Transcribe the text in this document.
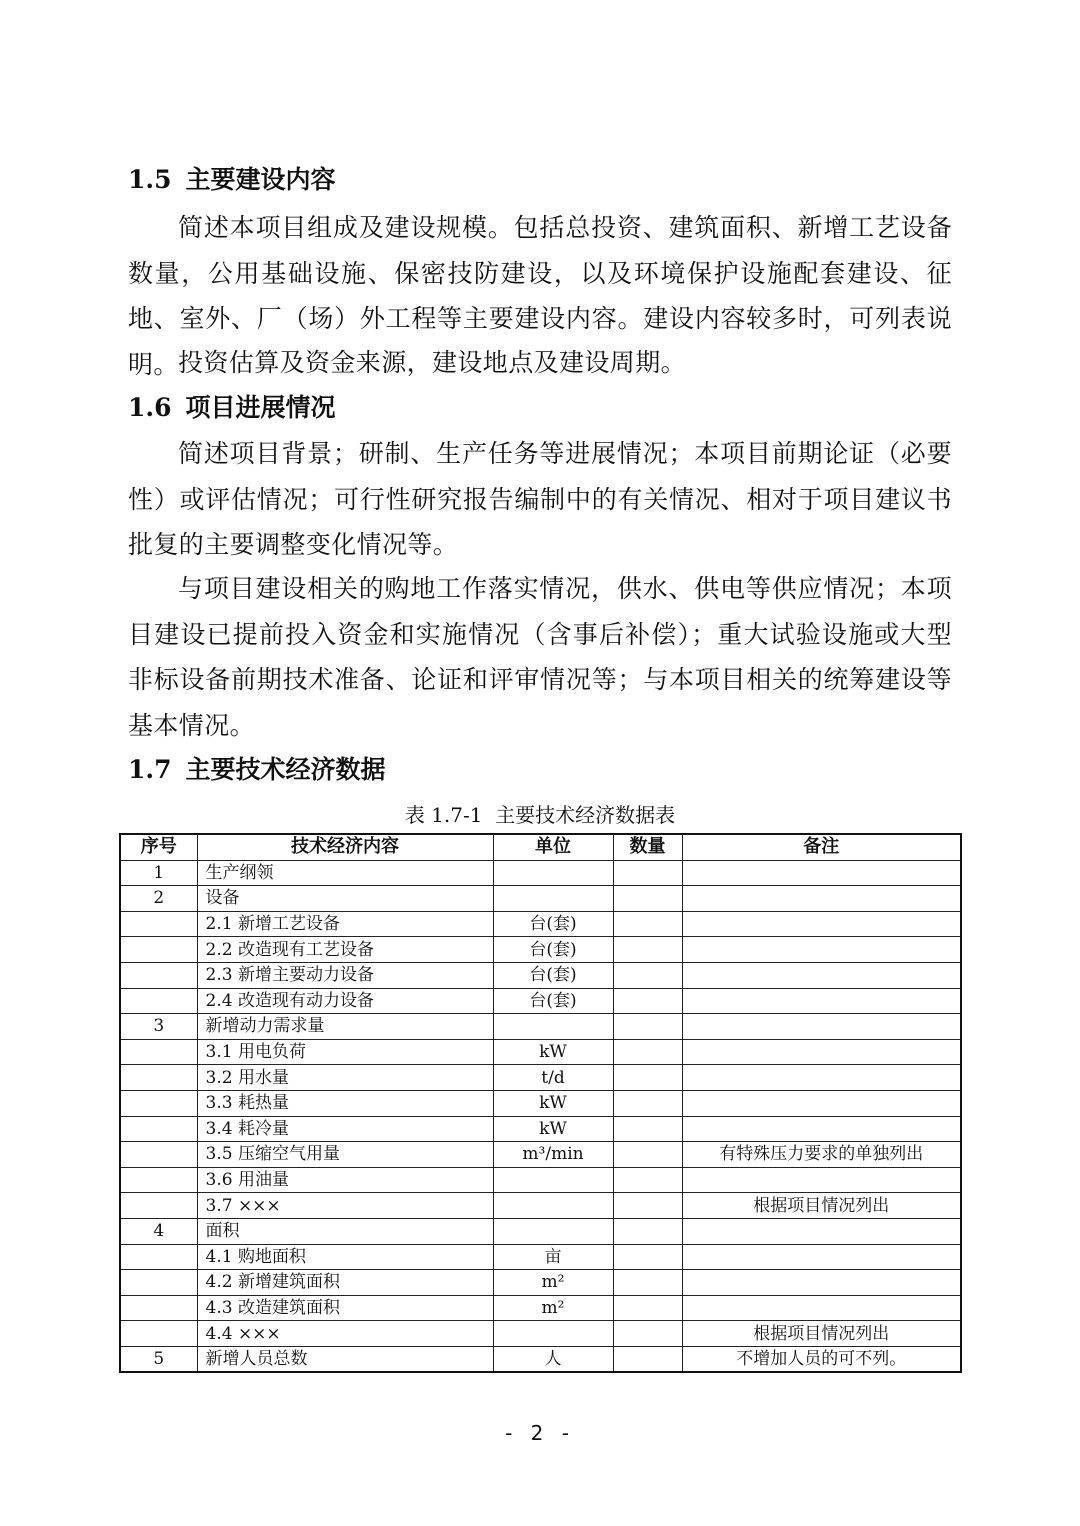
1.5 主要建设内容

简述本项目组成及建设规模。包括总投资、建筑面积、新增工艺设备数量，公用基础设施、保密技防建设，以及环境保护设施配套建设、征地、室外、厂（场）外工程等主要建设内容。建设内容较多时，可列表说明。 投资估算及资金来源，建设地点及建设周期。

1.6 项目进展情况

简述项目背景；研制、生产任务等进展情况；本项目前期论证（必要性）或评估情况；可行性研究报告编制中的有关情况、相对于项目建议书批复的主要调整变化情况等。

与项目建设相关的购地工作落实情况，供水、供电等供应情况；本项目建设已提前投入资金和实施情况（含事后补偿）；重大试验设施或大型非标设备前期技术准备、论证和评审情况等；与本项目相关的统筹建设等基本情况。

1.7 主要技术经济数据

表 1.7-1 主要技术经济数据表

序号	技术经济内容	单位	数量	备注
1	生产纲领			
2	设备			
	2.1 新增工艺设备	台(套)		
	2.2 改造现有工艺设备	台(套)		
	2.3 新增主要动力设备	台(套)		
	2.4 改造现有动力设备	台(套)		
3	新增动力需求量			
	3.1 用电负荷	kW		
	3.2 用水量	t/d		
	3.3 耗热量	kW		
	3.4 耗冷量	kW		
	3.5 压缩空气用量	m³/min		有特殊压力要求的单独列出
	3.6 用油量			
	3.7 ×××			根据项目情况列出
4	面积			
	4.1 购地面积	亩		
	4.2 新增建筑面积	m²		
	4.3 改造建筑面积	m²		
	4.4 ×××			根据项目情况列出
5	新增人员总数	人		不增加人员的可不列。
- 2 -
